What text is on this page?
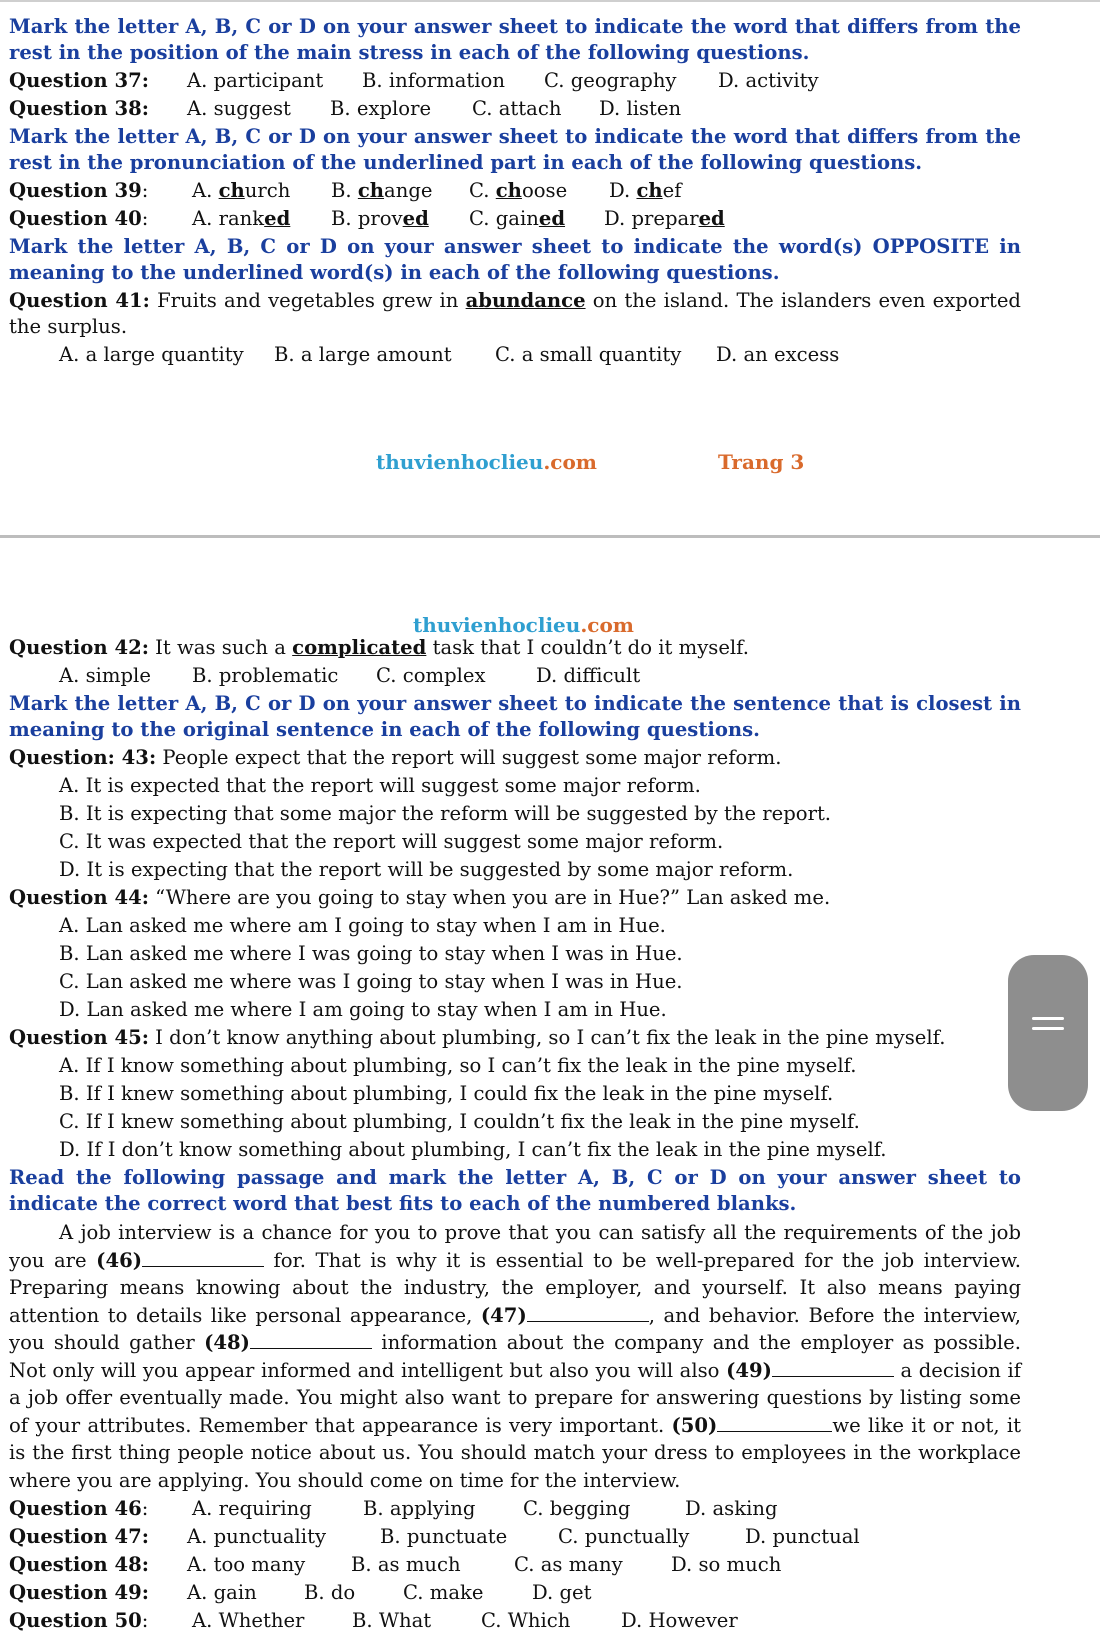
Mark the letter A, B, C or D on your answer sheet to indicate the word that differs from the rest in the position of the main stress in each of the following questions.

Question 37:	A. participant	B. information	C. geography	D. activity
Question 38:	A. suggest	B. explore	C. attach	D. listen

Mark the letter A, B, C or D on your answer sheet to indicate the word that differs from the rest in the pronunciation of the underlined part in each of the following questions.

Question 39:	A. church	B. change	C. choose	D. chef
Question 40:	A. ranked	B. proved	C. gained	D. prepared

Mark the letter A, B, C or D on your answer sheet to indicate the word(s) OPPOSITE in meaning to the underlined word(s) in each of the following questions.

Question 41: Fruits and vegetables grew in abundance on the island. The islanders even exported the surplus.

A. a large quantity	B. a large amount	C. a small quantity	D. an excess
thuvienhoclieu.com	Trang 3
thuvienhoclieu.com

Question 42: It was such a complicated task that I couldn’t do it myself.

A. simple	B. problematic	C. complex	D. difficult

Mark the letter A, B, C or D on your answer sheet to indicate the sentence that is closest in meaning to the original sentence in each of the following questions.

Question: 43: People expect that the report will suggest some major reform.

A. It is expected that the report will suggest some major reform.
B. It is expecting that some major the reform will be suggested by the report.
C. It was expected that the report will suggest some major reform.
D. It is expecting that the report will be suggested by some major reform.

Question 44: “Where are you going to stay when you are in Hue?” Lan asked me.

A. Lan asked me where am I going to stay when I am in Hue.
B. Lan asked me where I was going to stay when I was in Hue.
C. Lan asked me where was I going to stay when I was in Hue.
D. Lan asked me where I am going to stay when I am in Hue.

Question 45: I don’t know anything about plumbing, so I can’t fix the leak in the pine myself.

A. If I know something about plumbing, so I can’t fix the leak in the pine myself.
B. If I knew something about plumbing, I could fix the leak in the pine myself.
C. If I knew something about plumbing, I couldn’t fix the leak in the pine myself.
D. If I don’t know something about plumbing, I can’t fix the leak in the pine myself.

Read the following passage and mark the letter A, B, C or D on your answer sheet to indicate the correct word that best fits to each of the numbered blanks.

A job interview is a chance for you to prove that you can satisfy all the requirements of the job you are (46)	for. That is why it is essential to be well-prepared for the job interview. Preparing means knowing about the industry, the employer, and yourself. It also means paying attention to details like personal appearance, (47)	, and behavior. Before the interview, you should gather (48)	information about the company and the employer as possible. Not only will you appear informed and intelligent but also you will also (49)	a decision if a job offer eventually made. You might also want to prepare for answering questions by listing some of your attributes. Remember that appearance is very important. (50)	we like it or not, it is the first thing people notice about us. You should match your dress to employees in the workplace where you are applying. You should come on time for the interview.

Question 46:	A. requiring	B. applying	C. begging	D. asking
Question 47:	A. punctuality	B. punctuate	C. punctually	D. punctual
Question 48:	A. too many	B. as much	C. as many	D. so much
Question 49:	A. gain	B. do	C. make	D. get
Question 50:	A. Whether	B. What	C. Which	D. However
